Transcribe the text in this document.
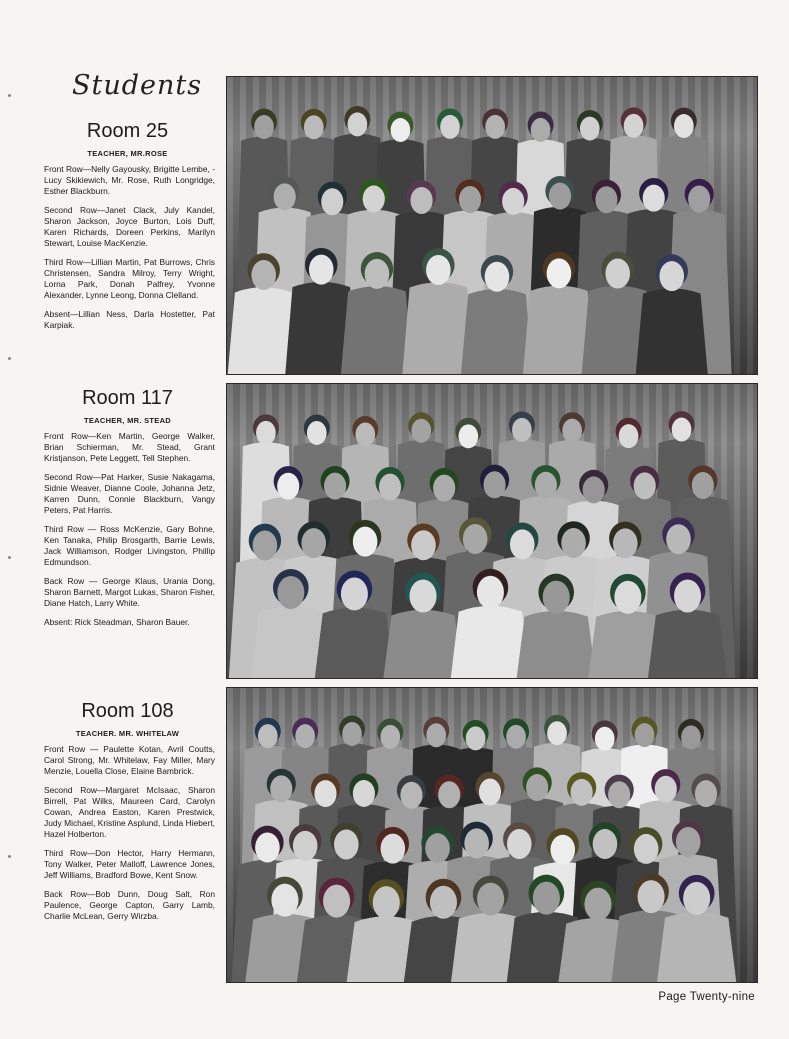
Students
Room 25
TEACHER, MR.ROSE

Front Row—Nelly Gayousky, Brigitte Lembe, -Lucy Skikiewich, Mr. Rose, Ruth Longridge, Esther Blackburn.

Second Row—Janet Clack, July Kandel, Sharon Jackson, Joyce Burton, Lois Duff, Karen Richards, Doreen Perkins, Marilyn Stewart, Louise MacKenzie.

Third Row—Lillian Martin, Pat Burrows, Chris Christensen, Sandra Milroy, Terry Wright, Lorna Park, Donah Palfrey, Yvonne Alexander, Lynne Leong, Donna Clelland.

Absent—Lillian Ness, Darla Hostetter, Pat Karpiak.

Room 117
TEACHER, MR. STEAD

Front Row—Ken Martin, George Walker, Brian Schierman, Mr. Stead, Grant Kristjanson, Pete Leggett, Tell Stephen.

Second Row—Pat Harker, Susie Nakagama, Sidnie Weaver, Dianne Coole, Johanna Jetz, Karren Dunn, Connie Blackburn, Vangy Peters, Pat Harris.

Third Row — Ross McKenzie, Gary Bohne, Ken Tanaka, Philip Brosgarth, Barrie Lewis, Jack Williamson, Rodger Livingston, Phillip Edmundson.

Back Row — George Klaus, Urania Dong, Sharon Barnett, Margot Lukas, Sharon Fisher, Diane Hatch, Larry White.

Absent: Rick Steadman, Sharon Bauer.

Room 108
TEACHER. MR. WHITELAW

Front Row — Paulette Kotan, Avril Coutts, Carol Strong, Mr. Whitelaw, Fay Miller, Mary Menzie, Louella Close, Elaine Bambrick.

Second Row—Margaret McIsaac, Sharon Birrell, Pat Wilks, Maureen Card, Carolyn Cowan, Andrea Easton, Karen Prestwick, Judy Michael, Kristine Asplund, Linda Hiebert, Hazel Holberton.

Third Row—Don Hector, Harry Hermann, Tony Walker, Peter Malloff, Lawrence Jones, Jeff Williams, Bradford Bowe, Kent Snow.

Back Row—Bob Dunn, Doug Salt, Ron Paulence, George Capton, Garry Lamb, Charlie McLean, Gerry Wirzba.

Page Twenty-nine
